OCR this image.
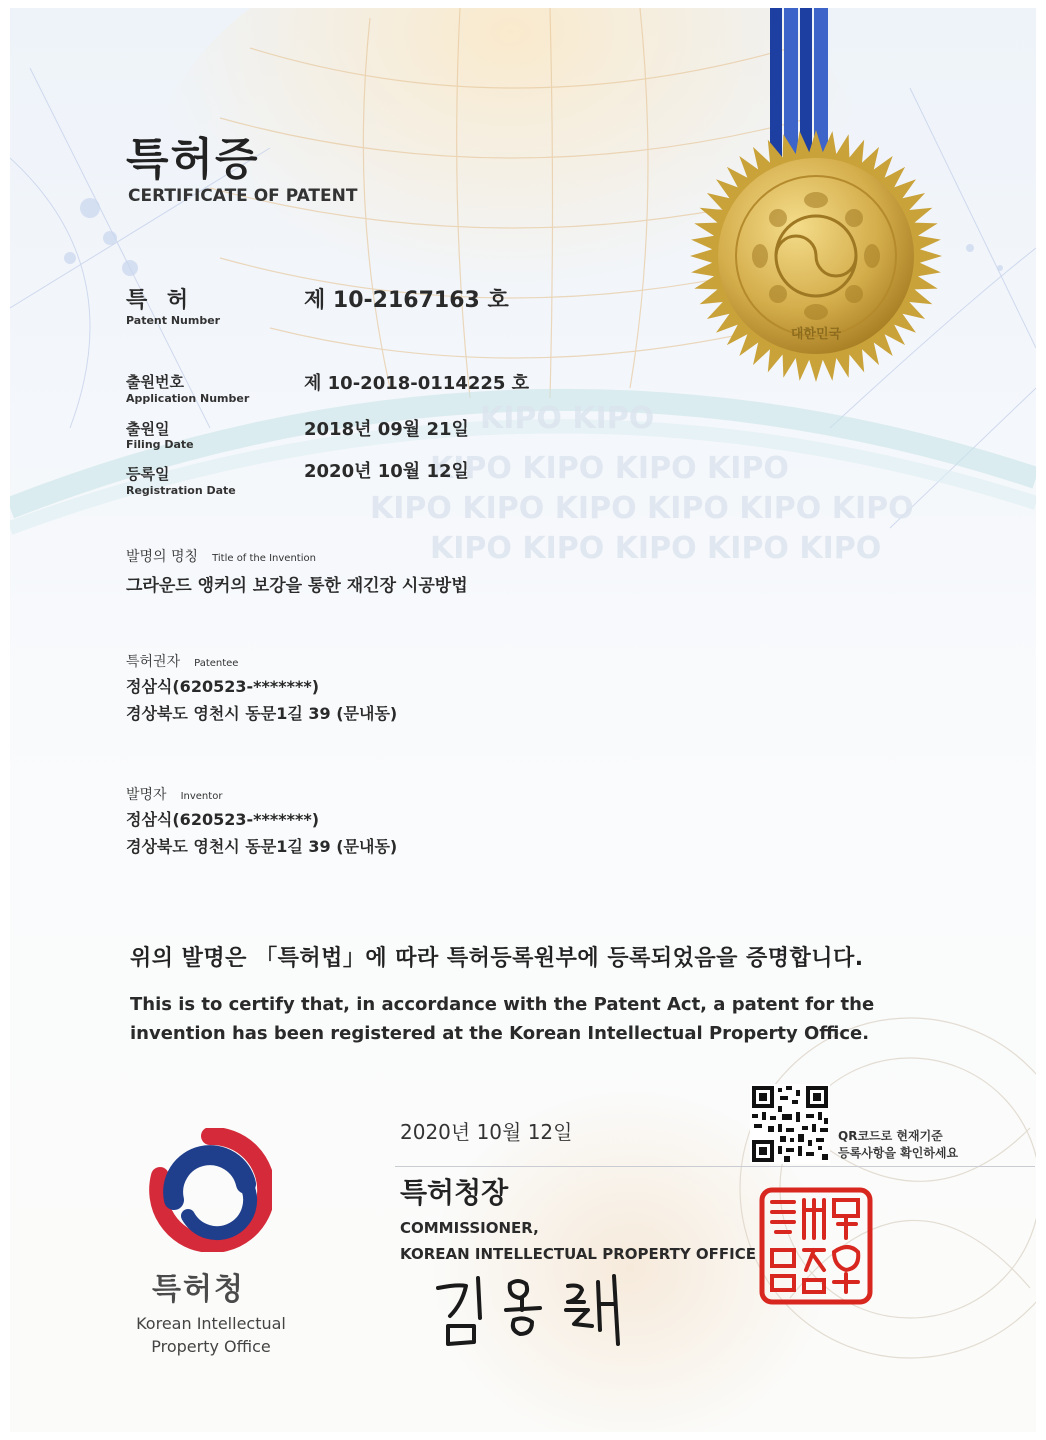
KIPO KIPO
KIPO KIPO KIPO KIPO
KIPO KIPO KIPO KIPO KIPO KIPO
KIPO KIPO KIPO KIPO KIPO
대한민국
특허증
CERTIFICATE OF PATENT
특 허
Patent Number
제 10-2167163 호
출원번호
Application Number
제 10-2018-0114225 호
출원일
Filing Date
2018년 09월 21일
등록일
Registration Date
2020년 10월 12일
발명의 명칭 Title of the Invention
그라운드 앵커의 보강을 통한 재긴장 시공방법
특허권자 Patentee
정삼식(620523-*******)
경상북도 영천시 동문1길 39 (문내동)
발명자 Inventor
정삼식(620523-*******)
경상북도 영천시 동문1길 39 (문내동)
위의 발명은 「특허법」에 따라 특허등록원부에 등록되었음을 증명합니다.
This is to certify that, in accordance with the Patent Act, a patent for the invention has been registered at the Korean Intellectual Property Office.
QR코드로 현재기준
등록사항을 확인하세요
2020년 10월 12일
특허청장
COMMISSIONER,
KOREAN INTELLECTUAL PROPERTY OFFICE
특허청
Korean Intellectual Property Office
